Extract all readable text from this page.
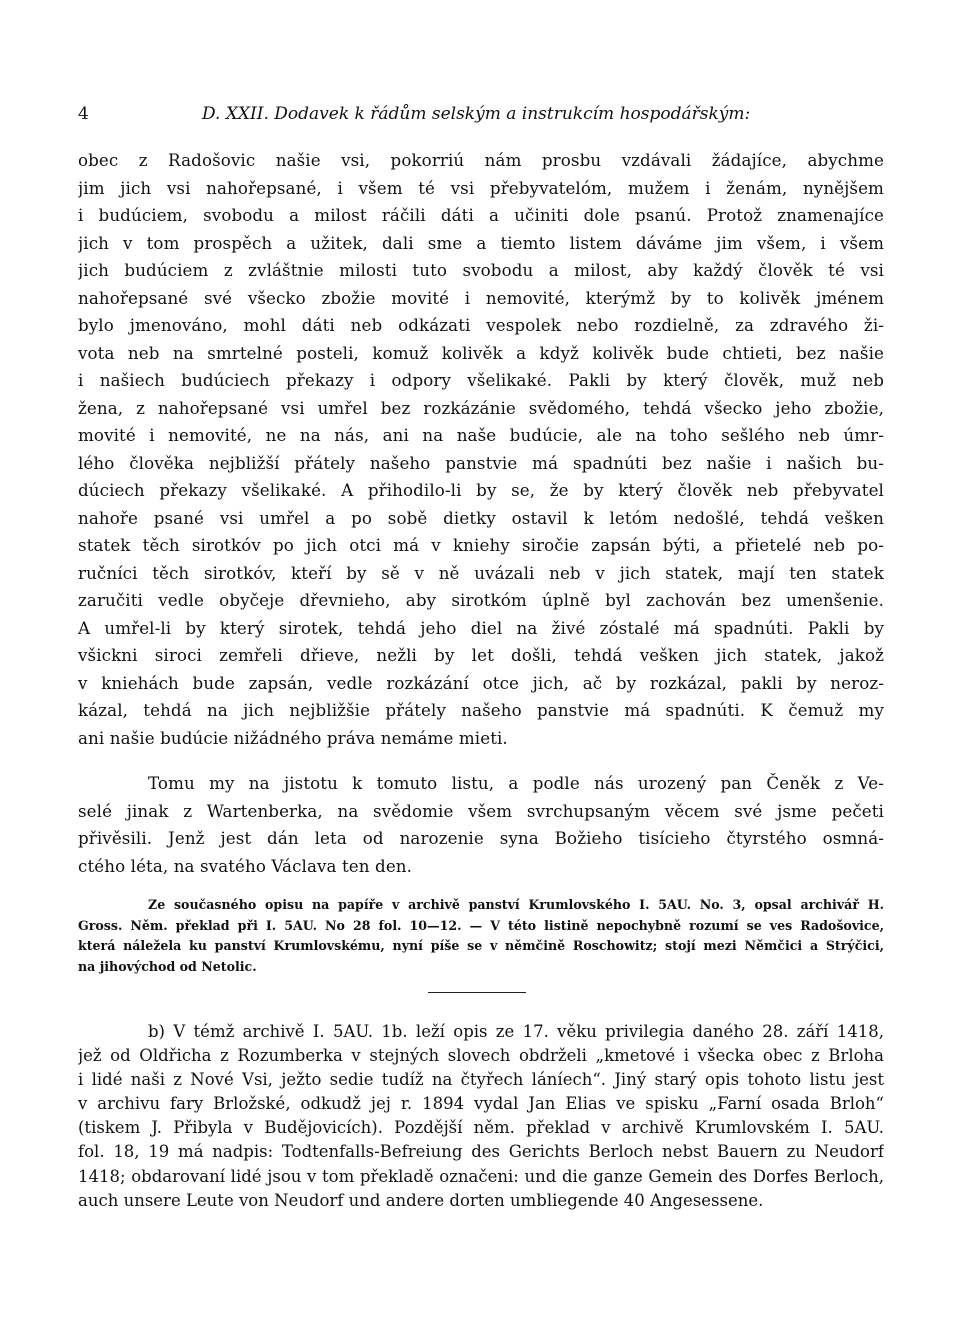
4	D. XXII. Dodavek k řádům selským a instrukcím hospodářským:
obec z Radošovic našie vsi, pokorriú nám prosbu vzdávali žádajíce, abychme
jim jich vsi nahořepsané, i všem té vsi přebyvatelóm, mužem i ženám, nynějšem
i budúciem, svobodu a milost ráčili dáti a učiniti dole psanú. Protož znamenajíce
jich v tom prospěch a užitek, dali sme a tiemto listem dáváme jim všem, i všem
jich budúciem z zvláštnie milosti tuto svobodu a milost, aby každý člověk té vsi
nahořepsané své všecko zbožie movité i nemovité, kterýmž by to kolivěk jménem
bylo jmenováno, mohl dáti neb odkázati vespolek nebo rozdielně, za zdravého ži-
vota neb na smrtelné posteli, komuž kolivěk a když kolivěk bude chtieti, bez našie
i našiech budúciech překazy i odpory všelikaké. Pakli by který člověk, muž neb
žena, z nahořepsané vsi umřel bez rozkázánie svědomého, tehdá všecko jeho zbožie,
movité i nemovité, ne na nás, ani na naše budúcie, ale na toho sešlého neb úmr-
lého člověka nejbližší přátely našeho panstvie má spadnúti bez našie i našich bu-
dúciech překazy všelikaké. A přihodilo-li by se, že by který člověk neb přebyvatel
nahoře psané vsi umřel a po sobě dietky ostavil k letóm nedošlé, tehdá vešken
statek těch sirotkóv po jich otci má v kniehy siročie zapsán býti, a přietelé neb po-
ručníci těch sirotkóv, kteří by sě v ně uvázali neb v jich statek, mají ten statek
zaručiti vedle obyčeje dřevnieho, aby sirotkóm úplně byl zachován bez umenšenie.
A umřel-li by který sirotek, tehdá jeho diel na živé zóstalé má spadnúti. Pakli by
všickni siroci zemřeli dřieve, nežli by let došli, tehdá vešken jich statek, jakož
v kniehách bude zapsán, vedle rozkázání otce jich, ač by rozkázal, pakli by neroz-
kázal, tehdá na jich nejbližšie přátely našeho panstvie má spadnúti. K čemuž my
ani našie budúcie nižádného práva nemáme mieti.
Tomu my na jistotu k tomuto listu, a podle nás urozený pan Čeněk z Ve-
selé jinak z Wartenberka, na svědomie všem svrchupsaným věcem své jsme pečeti
přivěsili. Jenž jest dán leta od narozenie syna Božieho tisícieho čtyrstého osmná-
ctého léta, na svatého Václava ten den.
Ze současného opisu na papíře v archivě panství Krumlovského I. 5AU. No. 3, opsal archivář H.
Gross. Něm. překlad při I. 5AU. No 28 fol. 10—12. — V této listině nepochybně rozumí se ves Radošovice,
která náležela ku panství Krumlovskému, nyní píše se v němčině Roschowitz; stojí mezi Němčici a Strýčici,
na jihovýchod od Netolic.
b) V témž archivě I. 5AU. 1b. leží opis ze 17. věku privilegia daného 28. září 1418,
jež od Oldřicha z Rozumberka v stejných slovech obdrželi „kmetové i všecka obec z Brloha
i lidé naši z Nové Vsi, ježto sedie tudíž na čtyřech láníech“. Jiný starý opis tohoto listu jest
v archivu fary Brložské, odkudž jej r. 1894 vydal Jan Elias ve spisku „Farní osada Brloh“
(tiskem J. Přibyla v Budějovicích). Pozdější něm. překlad v archivě Krumlovském I. 5AU.
fol. 18, 19 má nadpis: Todtenfalls-Befreiung des Gerichts Berloch nebst Bauern zu Neudorf
1418; obdarovaní lidé jsou v tom překladě označeni: und die ganze Gemein des Dorfes Berloch,
auch unsere Leute von Neudorf und andere dorten umbliegende 40 Angesessene.
